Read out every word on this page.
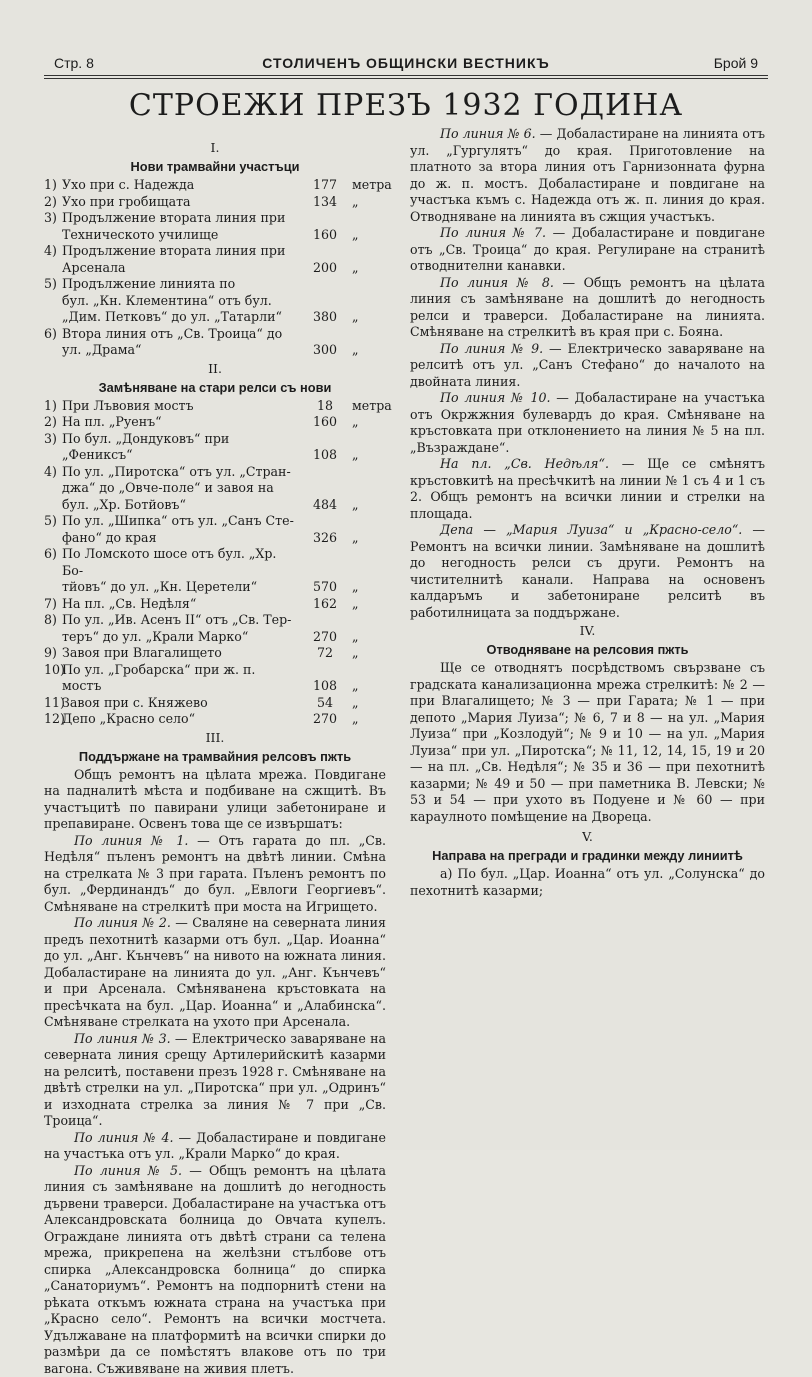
Стр. 8	СТОЛИЧЕНЪ ОБЩИНСКИ ВЕСТНИКЪ	Брой 9
СТРОЕЖИ ПРЕЗЪ 1932 ГОДИНА
I.
Нови трамвайни участъци
1) Ухо при с. Надежда	177	метра
2) Ухо при гробищата	134	„
3) Продължение втората линия при
Техническото училище	160	„
4) Продължение втората линия при
Арсенала	200	„
5) Продължение линията по
бул. „Кн. Клементина“ отъ бул.
„Дим. Петковъ“ до ул. „Татарли“	380	„
6) Втора линия отъ „Св. Троица“ до
ул. „Драма“	300	„
II.
Замѣняване на стари релси съ нови
1) При Лъвовия мостъ	18	метра
2) На пл. „Руенъ“	160	„
3) По бул. „Дондуковъ“ при „Фениксъ“	108	„
4) По ул. „Пиротска“ отъ ул. „Стран-
джа“ до „Овче-поле“ и завоя на
бул. „Хр. Ботйовъ“	484	„
5) По ул. „Шипка“ отъ ул. „Санъ Сте-
фано“ до края	326	„
6) По Ломското шосе отъ бул. „Хр. Бо-
тйовъ“ до ул. „Кн. Церетели“	570	„
7) На пл. „Св. Недѣля“	162	„
8) По ул. „Ив. Асенъ II“ отъ „Св. Тер-
теръ“ до ул. „Крали Марко“	270	„
9) Завоя при Влагалището	72	„
10)
По ул. „Гробарска“ при ж. п. мостъ	108	„
11)
Завоя при с. Княжево	54	„
12)
Депо „Красно село“	270	„
III.
Поддържане на трамвайния релсовъ пжть

Общъ ремонтъ на цѣлата мрежа. Повдигане на падналитѣ мѣста и подбиване на сжщитѣ. Въ участъцитѣ по павирани улици забетониране и препавиране. Освенъ това ще се извършатъ:

По линия № 1. — Отъ гарата до пл. „Св. Недѣля“ пъленъ ремонтъ на двѣтѣ линии. Смѣна на стрелката № 3 при гарата. Пъленъ ремонтъ по бул. „Фердинандъ“ до бул. „Евлоги Георгиевъ“. Смѣняване на стрелкитѣ при моста на Игрището.

По линия № 2. — Сваляне на северната линия предъ пехотнитѣ казарми отъ бул. „Цар. Иоанна“ до ул. „Анг. Кънчевъ“ на нивото на южната линия. Добаластиране на линията до ул. „Анг. Кънчевъ“ и при Арсенала. Смѣняванена кръстовката на пресѣчката на бул. „Цар. Иоанна“ и „Алабинска“. Смѣняване стрелката на ухото при Арсенала.

По линия № 3. — Електрическо заваряване на северната линия срещу Артилерийскитѣ казарми на релситѣ, поставени презъ 1928 г. Смѣняване на двѣтѣ стрелки на ул. „Пиротска“ при ул. „Одринъ“ и изходната стрелка за линия № 7 при „Св. Троица“.

По линия № 4. — Добаластиране и повдигане на участъка отъ ул. „Крали Марко“ до края.

По линия № 5. — Общъ ремонтъ на цѣлата линия съ замѣняване на дошлитѣ до негодность дървени траверси. Добаластиране на участъка отъ Александровската болница до Овчата купелъ. Ограждане линията отъ двѣтѣ страни са телена мрежа, прикрепена на желѣзни стълбове отъ спирка „Александровска болница“ до спирка „Санаториумъ“. Ремонтъ на подпорнитѣ стени на рѣката откъмъ южната страна на участъка при „Красно село“. Ремонтъ на всички мостчета. Удължаване на платформитѣ на всички спирки до размѣри да се помѣстятъ влакове отъ по три вагона. Съживяване на живия плетъ.

По линия № 6. — Добаластиране на линията отъ ул. „Гургулятъ“ до края. Приготовление на платното за втора линия отъ Гарнизонната фурна до ж. п. мостъ. Добаластиране и повдигане на участъка къмъ с. Надежда отъ ж. п. линия до края. Отводняване на линията въ сжщия участъкъ.

По линия № 7. — Добаластиране и повдигане отъ „Св. Троица“ до края. Регулиране на странитѣ отводнителни канавки.

По линия № 8. — Общъ ремонтъ на цѣлата линия съ замѣняване на дошлитѣ до негодность релси и траверси. Добаластиране на линията. Смѣняване на стрелкитѣ въ края при с. Бояна.

По линия № 9. — Електрическо заваряване на релситѣ отъ ул. „Санъ Стефано“ до началото на двойната линия.

По линия № 10. — Добаластиране на участъка отъ Окржжния булевардъ до края. Смѣняване на кръстовката при отклонението на линия № 5 на пл. „Възраждане“.

На пл. „Св. Недѣля“. — Ще се смѣнятъ кръстовкитѣ на пресѣчкитѣ на линии № 1 съ 4 и 1 съ 2. Общъ ремонтъ на всички линии и стрелки на площада.

Депа — „Мария Луиза“ и „Красно-село“. — Ремонтъ на всички линии. Замѣняване на дошлитѣ до негодность релси съ други. Ремонтъ на чистителнитѣ канали. Направа на основенъ калдаръмъ и забетониране релситѣ въ работилницата за поддържане.

IV.
Отводняване на релсовия пжть

Ще се отводнятъ посрѣдствомъ свързване съ градската канализационна мрежа стрелкитѣ: № 2 — при Влагалището; № 3 — при Гарата; № 1 — при депото „Мария Луиза“; № 6, 7 и 8 — на ул. „Мария Луиза“ при „Козлодуй“; № 9 и 10 — на ул. „Мария Луиза“ при ул. „Пиротска“; № 11, 12, 14, 15, 19 и 20 — на пл. „Св. Недѣля“; № 35 и 36 — при пехотнитѣ казарми; № 49 и 50 — при паметника В. Левски; № 53 и 54 — при ухото въ Подуене и № 60 — при караулното помѣщение на Двореца.

V.
Направа на прегради и градинки между линиитѣ

а) По бул. „Цар. Иоанна“ отъ ул. „Солунска“ до пехотнитѣ казарми;
